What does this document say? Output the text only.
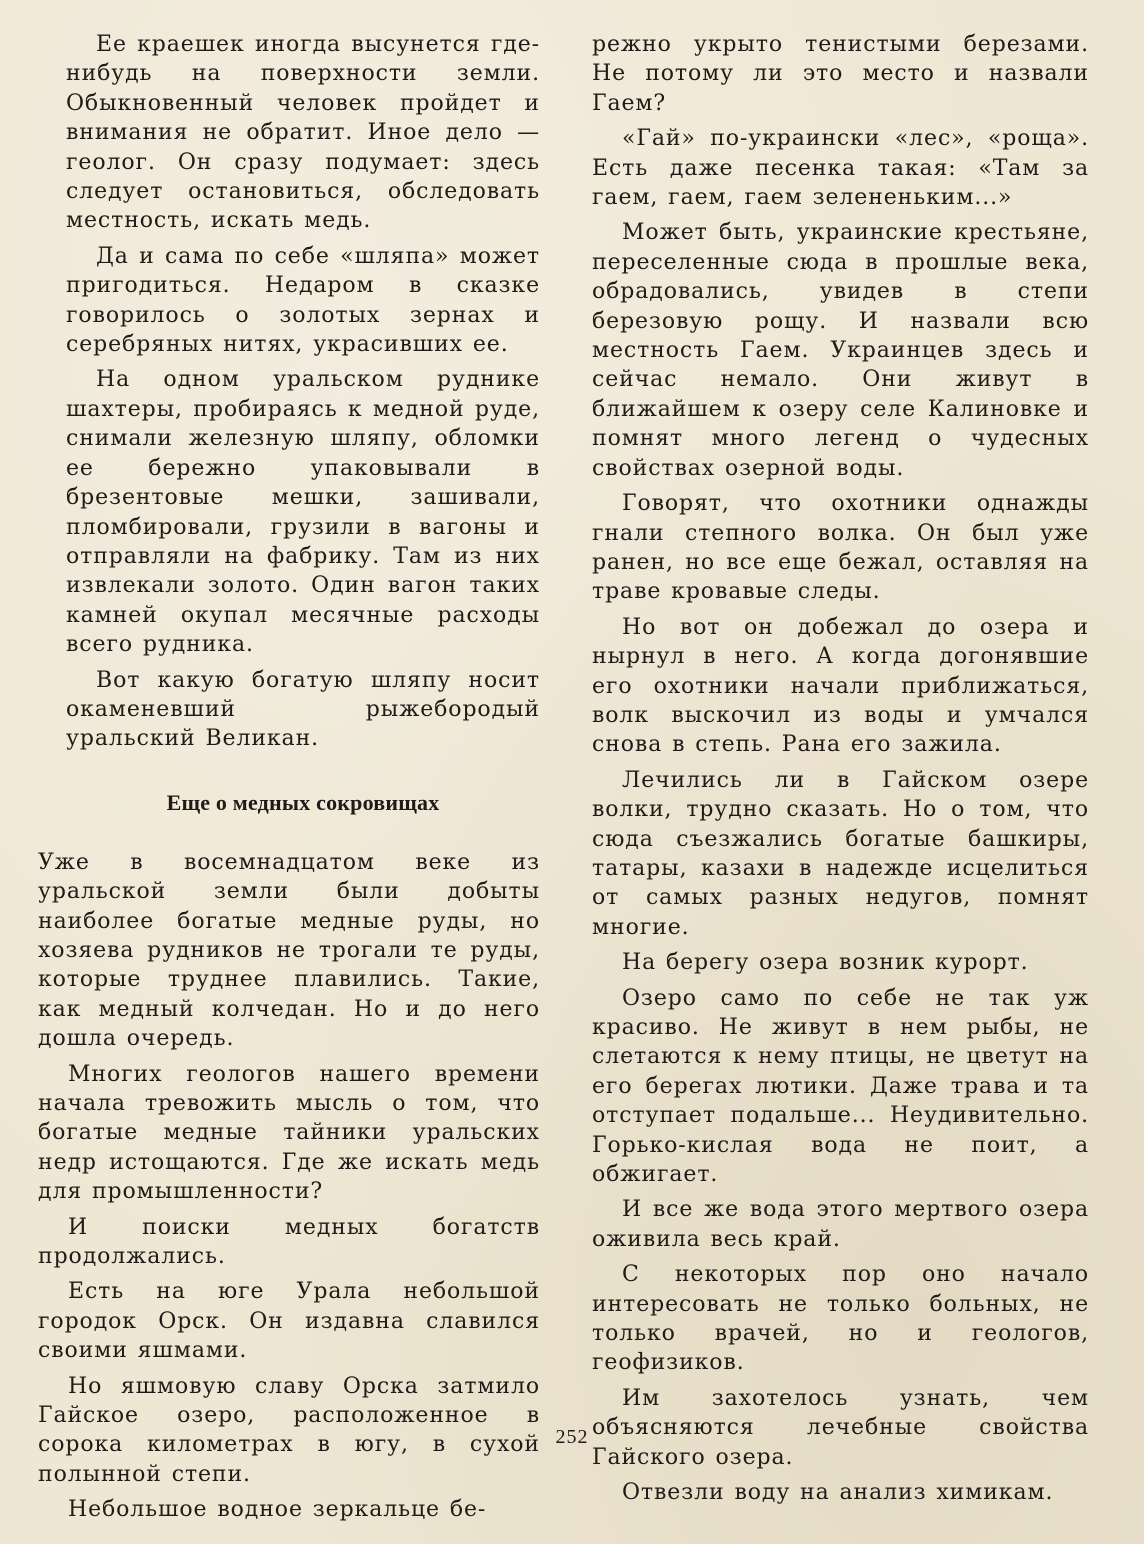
Ее краешек иногда высунется где-нибудь на поверхности земли. Обыкновенный человек пройдет и внимания не обратит. Иное дело — геолог. Он сразу подумает: здесь следует остановиться, обследовать местность, искать медь.

Да и сама по себе «шляпа» может пригодиться. Недаром в сказке говорилось о золотых зернах и серебряных нитях, украсивших ее.

На одном уральском руднике шахтеры, пробираясь к медной руде, снимали железную шляпу, обломки ее бережно упаковывали в брезентовые мешки, зашивали, пломбировали, грузили в вагоны и отправляли на фабрику. Там из них извлекали золото. Один вагон таких камней окупал месячные расходы всего рудника.

Вот какую богатую шляпу носит окаменевший рыжебородый уральский Великан.

Еще о медных сокровищах

Уже в восемнадцатом веке из уральской земли были добыты наиболее богатые медные руды, но хозяева рудников не трогали те руды, которые труднее плавились. Такие, как медный колчедан. Но и до него дошла очередь.

Многих геологов нашего времени начала тревожить мысль о том, что богатые медные тайники уральских недр истощаются. Где же искать медь для промышленности?

И поиски медных богатств продолжались.

Есть на юге Урала небольшой городок Орск. Он издавна славился своими яшмами.

Но яшмовую славу Орска затмило Гайское озеро, расположенное в сорока километрах в югу, в сухой полынной степи.

Небольшое водное зеркальце бе-

режно укрыто тенистыми березами. Не потому ли это место и назвали Гаем?

«Гай» по-украински «лес», «роща». Есть даже песенка такая: «Там за гаем, гаем, гаем зелененьким...»

Может быть, украинские крестьяне, переселенные сюда в прошлые века, обрадовались, увидев в степи березовую рощу. И назвали всю местность Гаем. Украинцев здесь и сейчас немало. Они живут в ближайшем к озеру селе Калиновке и помнят много легенд о чудесных свойствах озерной воды.

Говорят, что охотники однажды гнали степного волка. Он был уже ранен, но все еще бежал, оставляя на траве кровавые следы.

Но вот он добежал до озера и нырнул в него. А когда догонявшие его охотники начали приближаться, волк выскочил из воды и умчался снова в степь. Рана его зажила.

Лечились ли в Гайском озере волки, трудно сказать. Но о том, что сюда съезжались богатые башкиры, татары, казахи в надежде исцелиться от самых разных недугов, помнят многие.

На берегу озера возник курорт.

Озеро само по себе не так уж красиво. Не живут в нем рыбы, не слетаются к нему птицы, не цветут на его берегах лютики. Даже трава и та отступает подальше... Неудивительно. Горько-кислая вода не поит, а обжигает.

И все же вода этого мертвого озера оживила весь край.

С некоторых пор оно начало интересовать не только больных, не только врачей, но и геологов, геофизиков.

Им захотелось узнать, чем объясняются лечебные свойства Гайского озера.

Отвезли воду на анализ химикам.

252
